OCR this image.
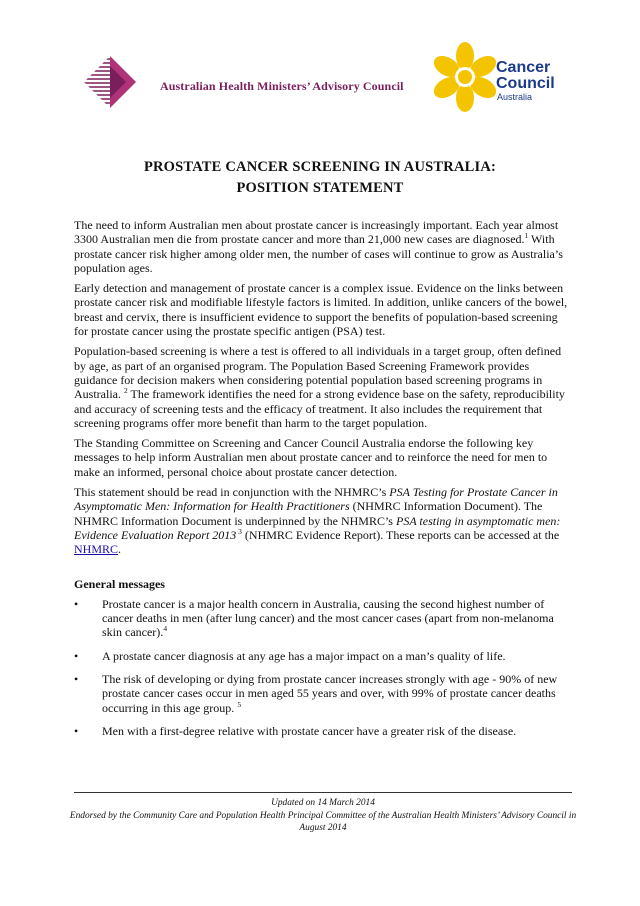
Australian Health Ministers’ Advisory Council
Cancer
Council
Australia
PROSTATE CANCER SCREENING IN AUSTRALIA:
POSITION STATEMENT

The need to inform Australian men about prostate cancer is increasingly important. Each year almost 3300 Australian men die from prostate cancer and more than 21,000 new cases are diagnosed.$^1$ With prostate cancer risk higher among older men, the number of cases will continue to grow as Australia’s population ages.

Early detection and management of prostate cancer is a complex issue. Evidence on the links between prostate cancer risk and modifiable lifestyle factors is limited. In addition, unlike cancers of the bowel, breast and cervix, there is insufficient evidence to support the benefits of population-based screening for prostate cancer using the prostate specific antigen (PSA) test.

Population-based screening is where a test is offered to all individuals in a target group, often defined by age, as part of an organised program. The Population Based Screening Framework provides guidance for decision makers when considering potential population based screening programs in Australia. $^2$ The framework identifies the need for a strong evidence base on the safety, reproducibility and accuracy of screening tests and the efficacy of treatment. It also includes the requirement that screening programs offer more benefit than harm to the target population.

The Standing Committee on Screening and Cancer Council Australia endorse the following key messages to help inform Australian men about prostate cancer and to reinforce the need for men to make an informed, personal choice about prostate cancer detection.

This statement should be read in conjunction with the NHMRC’s PSA Testing for Prostate Cancer in Asymptomatic Men: Information for Health Practitioners (NHMRC Information Document). The NHMRC Information Document is underpinned by the NHMRC’s PSA testing in asymptomatic men: Evidence Evaluation Report 2013 $^3$ (NHMRC Evidence Report). These reports can be accessed at the NHMRC.

General messages
• Prostate cancer is a major health concern in Australia, causing the second highest number of cancer deaths in men (after lung cancer) and the most cancer cases (apart from non-melanoma skin cancer).$^4$
• A prostate cancer diagnosis at any age has a major impact on a man’s quality of life.
• The risk of developing or dying from prostate cancer increases strongly with age - 90% of new prostate cancer cases occur in men aged 55 years and over, with 99% of prostate cancer deaths occurring in this age group. $^5$
• Men with a first-degree relative with prostate cancer have a greater risk of the disease.
Updated on 14 March 2014
Endorsed by the Community Care and Population Health Principal Committee of the Australian Health Ministers’ Advisory Council in August 2014
